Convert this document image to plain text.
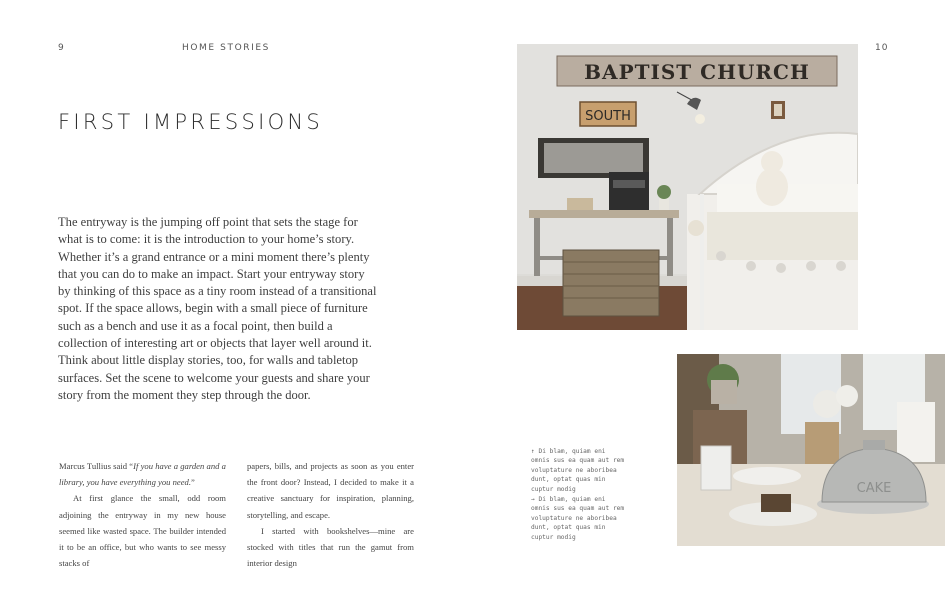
9	HOME STORIES	10
FIRST IMPRESSIONS

The entryway is the jumping off point that sets the stage for what is to come: it is the introduction to your home’s story. Whether it’s a grand entrance or a mini moment there’s plenty that you can do to make an impact. Start your entryway story by thinking of this space as a tiny room instead of a transitional spot. If the space allows, begin with a small piece of furniture such as a bench and use it as a focal point, then build a collection of interesting art or objects that layer well around it. Think about little display stories, too, for walls and tabletop surfaces. Set the scene to welcome your guests and share your story from the moment they step through the door.

Marcus Tullius said “If you have a garden and a library, you have everything you need.”

At first glance the small, odd room adjoining the entryway in my new house seemed like wasted space. The builder intended it to be an office, but who wants to see messy stacks of

papers, bills, and projects as soon as you enter the front door? Instead, I decided to make it a creative sanctuary for inspiration, planning, storytelling, and escape.

I started with bookshelves—mine are stocked with titles that run the gamut from interior design

↑ Di blam, quiam eni omnis sus ea quam aut rem voluptature ne aboribea dunt, optat quas min cuptur modig
→ Di blam, quiam eni omnis sus ea quam aut rem voluptature ne aboribea dunt, optat quas min cuptur modig
BAPTIST CHURCH
SOUTH
CAKE
